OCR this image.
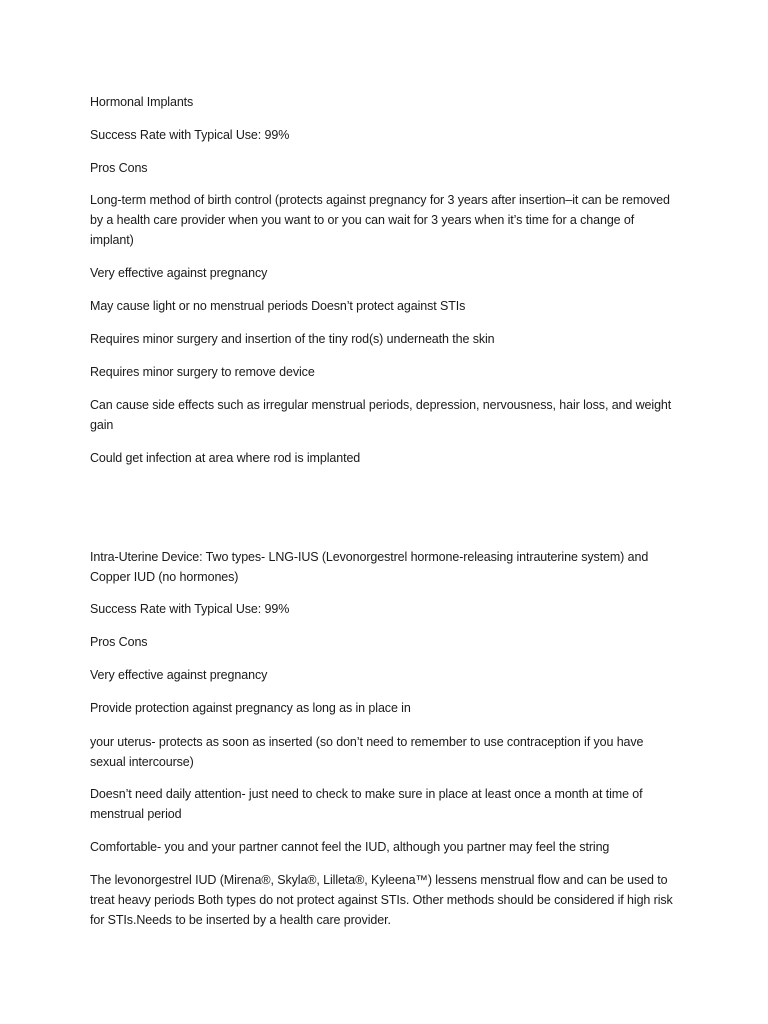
Hormonal Implants

Success Rate with Typical Use: 99%

Pros Cons

Long-term method of birth control (protects against pregnancy for 3 years after insertion–it can be removed by a health care provider when you want to or you can wait for 3 years when it’s time for a change of implant)

Very effective against pregnancy

May cause light or no menstrual periods Doesn’t protect against STIs

Requires minor surgery and insertion of the tiny rod(s) underneath the skin

Requires minor surgery to remove device

Can cause side effects such as irregular menstrual periods, depression, nervousness, hair loss, and weight gain

Could get infection at area where rod is implanted

Intra-Uterine Device: Two types- LNG-IUS (Levonorgestrel hormone-releasing intrauterine system) and Copper IUD (no hormones)

Success Rate with Typical Use: 99%

Pros Cons

Very effective against pregnancy

Provide protection against pregnancy as long as in place in

your uterus- protects as soon as inserted (so don’t need to remember to use contraception if you have sexual intercourse)

Doesn’t need daily attention- just need to check to make sure in place at least once a month at time of menstrual period

Comfortable- you and your partner cannot feel the IUD, although you partner may feel the string

The levonorgestrel IUD (Mirena®, Skyla®, Lilleta®, Kyleena™) lessens menstrual flow and can be used to treat heavy periods Both types do not protect against STIs. Other methods should be considered if high risk for STIs.Needs to be inserted by a health care provider.
